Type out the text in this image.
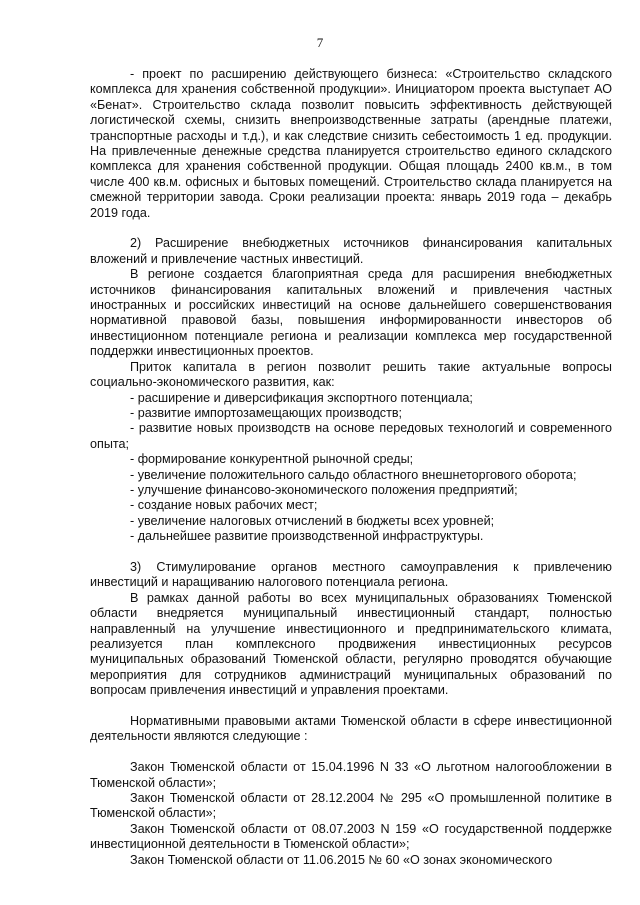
7

- проект по расширению действующего бизнеса: «Строительство складского комплекса для хранения собственной продукции». Инициатором проекта выступает АО «Бенат». Строительство склада позволит повысить эффективность действующей логистической схемы, снизить внепроизводственные затраты (арендные платежи, транспортные расходы и т.д.), и как следствие снизить себестоимость 1 ед. продукции. На привлеченные денежные средства планируется строительство единого складского комплекса для хранения собственной продукции. Общая площадь 2400 кв.м., в том числе 400 кв.м. офисных и бытовых помещений. Строительство склада планируется на смежной территории завода. Сроки реализации проекта: январь 2019 года – декабрь 2019 года.

2) Расширение внебюджетных источников финансирования капитальных вложений и привлечение частных инвестиций.

В регионе создается благоприятная среда для расширения внебюджетных источников финансирования капитальных вложений и привлечения частных иностранных и российских инвестиций на основе дальнейшего совершенствования нормативной правовой базы, повышения информированности инвесторов об инвестиционном потенциале региона и реализации комплекса мер государственной поддержки инвестиционных проектов.

Приток капитала в регион позволит решить такие актуальные вопросы социально-экономического развития, как:

- расширение и диверсификация экспортного потенциала;
- развитие импортозамещающих производств;
- развитие новых производств на основе передовых технологий и современного опыта;
- формирование конкурентной рыночной среды;
- увеличение положительного сальдо областного внешнеторгового оборота;
- улучшение финансово-экономического положения предприятий;
- создание новых рабочих мест;
- увеличение налоговых отчислений в бюджеты всех уровней;
- дальнейшее развитие производственной инфраструктуры.

3) Стимулирование органов местного самоуправления к привлечению инвестиций и наращиванию налогового потенциала региона.

В рамках данной работы во всех муниципальных образованиях Тюменской области внедряется муниципальный инвестиционный стандарт, полностью направленный на улучшение инвестиционного и предпринимательского климата, реализуется план комплексного продвижения инвестиционных ресурсов муниципальных образований Тюменской области, регулярно проводятся обучающие мероприятия для сотрудников администраций муниципальных образований по вопросам привлечения инвестиций и управления проектами.

Нормативными правовыми актами Тюменской области в сфере инвестиционной деятельности являются следующие :

Закон Тюменской области от 15.04.1996 N 33 «О льготном налогообложении в Тюменской области»;

Закон Тюменской области от 28.12.2004 № 295 «О промышленной политике в Тюменской области»;

Закон Тюменской области от 08.07.2003 N 159 «О государственной поддержке инвестиционной деятельности в Тюменской области»;

Закон Тюменской области от 11.06.2015 № 60 «О зонах экономического
